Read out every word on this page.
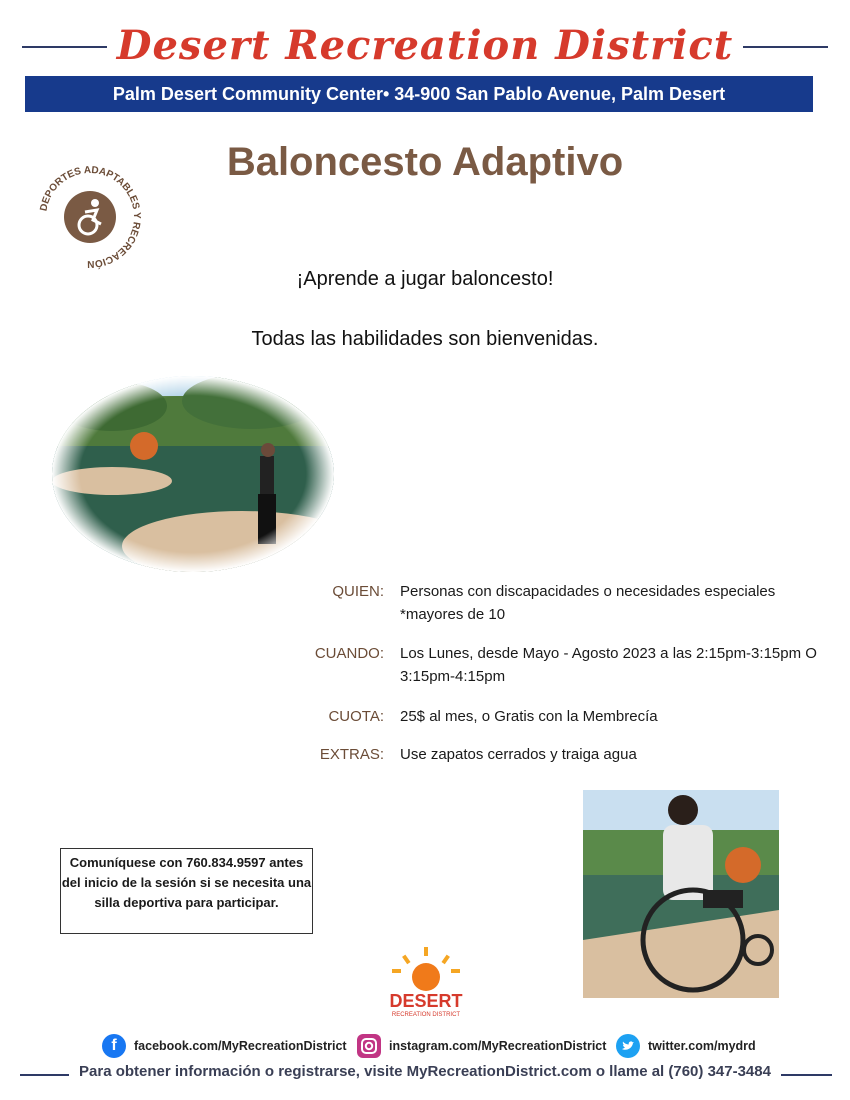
Desert Recreation District
Palm Desert Community Center• 34-900 San Pablo Avenue, Palm Desert
Baloncesto Adaptivo
DEPORTES ADAPTABLES Y RECREACIÓN
¡Aprende a jugar baloncesto!
Todas las habilidades son bienvenidas.
QUIEN: Personas con discapacidades o necesidades especiales *mayores de 10
CUANDO: Los Lunes, desde Mayo - Agosto 2023 a las 2:15pm-3:15pm O 3:15pm-4:15pm
CUOTA: 25$ al mes, o Gratis con la Membrecía
EXTRAS: Use zapatos cerrados y traiga agua
Comuníquese con 760.834.9597 antes del inicio de la sesión si se necesita una silla deportiva para participar.
DESERT
RECREATION DISTRICT
f	facebook.com/MyRecreationDistrict	instagram.com/MyRecreationDistrict	twitter.com/mydrd
Para obtener información o registrarse, visite MyRecreationDistrict.com o llame al (760) 347-3484
